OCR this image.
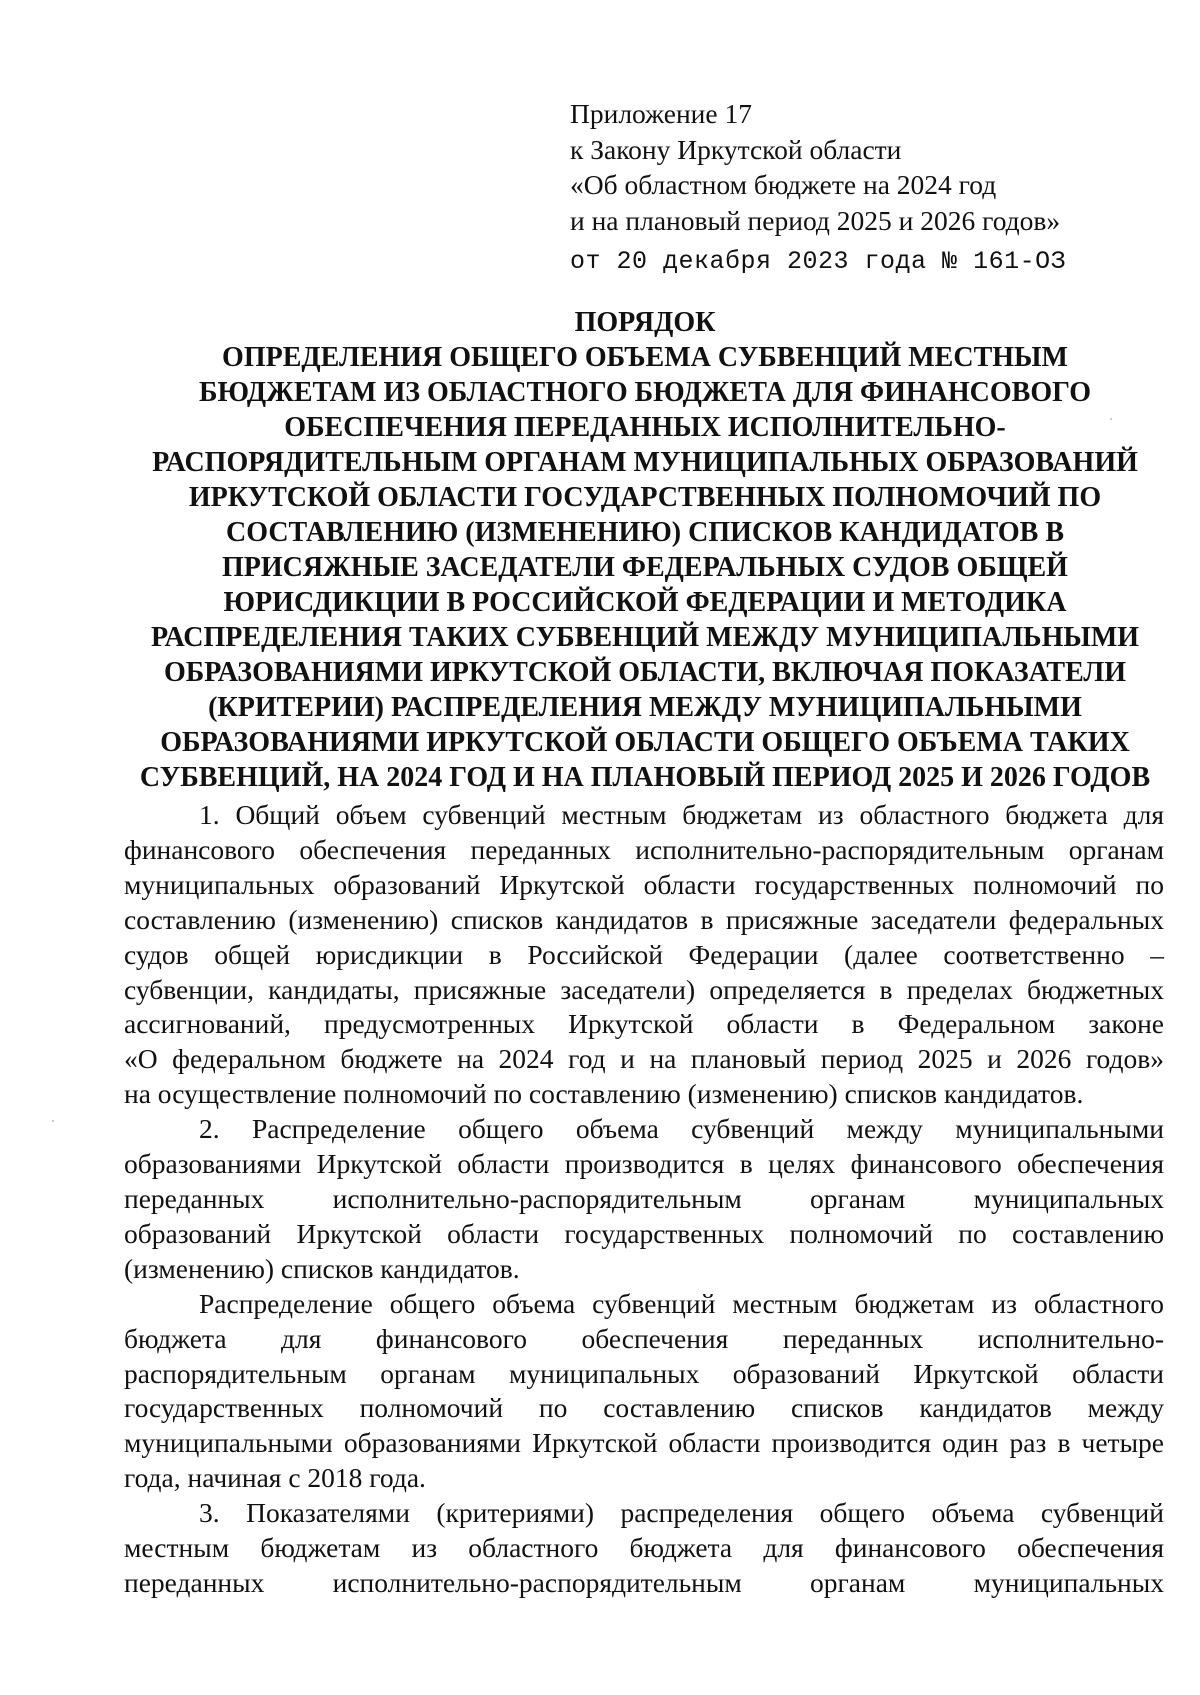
Приложение 17
к Закону Иркутской области
«Об областном бюджете на 2024 год
и на плановый период 2025 и 2026 годов»
от 20 декабря 2023 года № 161-ОЗ
ПОРЯДОК
ОПРЕДЕЛЕНИЯ ОБЩЕГО ОБЪЕМА СУБВЕНЦИЙ МЕСТНЫМ
БЮДЖЕТАМ ИЗ ОБЛАСТНОГО БЮДЖЕТА ДЛЯ ФИНАНСОВОГО
ОБЕСПЕЧЕНИЯ ПЕРЕДАННЫХ ИСПОЛНИТЕЛЬНО-
РАСПОРЯДИТЕЛЬНЫМ ОРГАНАМ МУНИЦИПАЛЬНЫХ ОБРАЗОВАНИЙ
ИРКУТСКОЙ ОБЛАСТИ ГОСУДАРСТВЕННЫХ ПОЛНОМОЧИЙ ПО
СОСТАВЛЕНИЮ (ИЗМЕНЕНИЮ) СПИСКОВ КАНДИДАТОВ В
ПРИСЯЖНЫЕ ЗАСЕДАТЕЛИ ФЕДЕРАЛЬНЫХ СУДОВ ОБЩЕЙ
ЮРИСДИКЦИИ В РОССИЙСКОЙ ФЕДЕРАЦИИ И МЕТОДИКА
РАСПРЕДЕЛЕНИЯ ТАКИХ СУБВЕНЦИЙ МЕЖДУ МУНИЦИПАЛЬНЫМИ
ОБРАЗОВАНИЯМИ ИРКУТСКОЙ ОБЛАСТИ, ВКЛЮЧАЯ ПОКАЗАТЕЛИ
(КРИТЕРИИ) РАСПРЕДЕЛЕНИЯ МЕЖДУ МУНИЦИПАЛЬНЫМИ
ОБРАЗОВАНИЯМИ ИРКУТСКОЙ ОБЛАСТИ ОБЩЕГО ОБЪЕМА ТАКИХ
СУБВЕНЦИЙ, НА 2024 ГОД И НА ПЛАНОВЫЙ ПЕРИОД 2025 И 2026 ГОДОВ
1. Общий объем субвенций местным бюджетам из областного бюджета для
финансового обеспечения переданных исполнительно-распорядительным органам
муниципальных образований Иркутской области государственных полномочий по
составлению (изменению) списков кандидатов в присяжные заседатели федеральных
судов общей юрисдикции в Российской Федерации (далее соответственно –
субвенции, кандидаты, присяжные заседатели) определяется в пределах бюджетных
ассигнований, предусмотренных Иркутской области в Федеральном законе
«О федеральном бюджете на 2024 год и на плановый период 2025 и 2026 годов»
на осуществление полномочий по составлению (изменению) списков кандидатов.
2. Распределение общего объема субвенций между муниципальными
образованиями Иркутской области производится в целях финансового обеспечения
переданных исполнительно-распорядительным органам муниципальных
образований Иркутской области государственных полномочий по составлению
(изменению) списков кандидатов.
Распределение общего объема субвенций местным бюджетам из областного
бюджета для финансового обеспечения переданных исполнительно-
распорядительным органам муниципальных образований Иркутской области
государственных полномочий по составлению списков кандидатов между
муниципальными образованиями Иркутской области производится один раз в четыре
года, начиная с 2018 года.
3. Показателями (критериями) распределения общего объема субвенций
местным бюджетам из областного бюджета для финансового обеспечения
переданных исполнительно-распорядительным органам муниципальных
